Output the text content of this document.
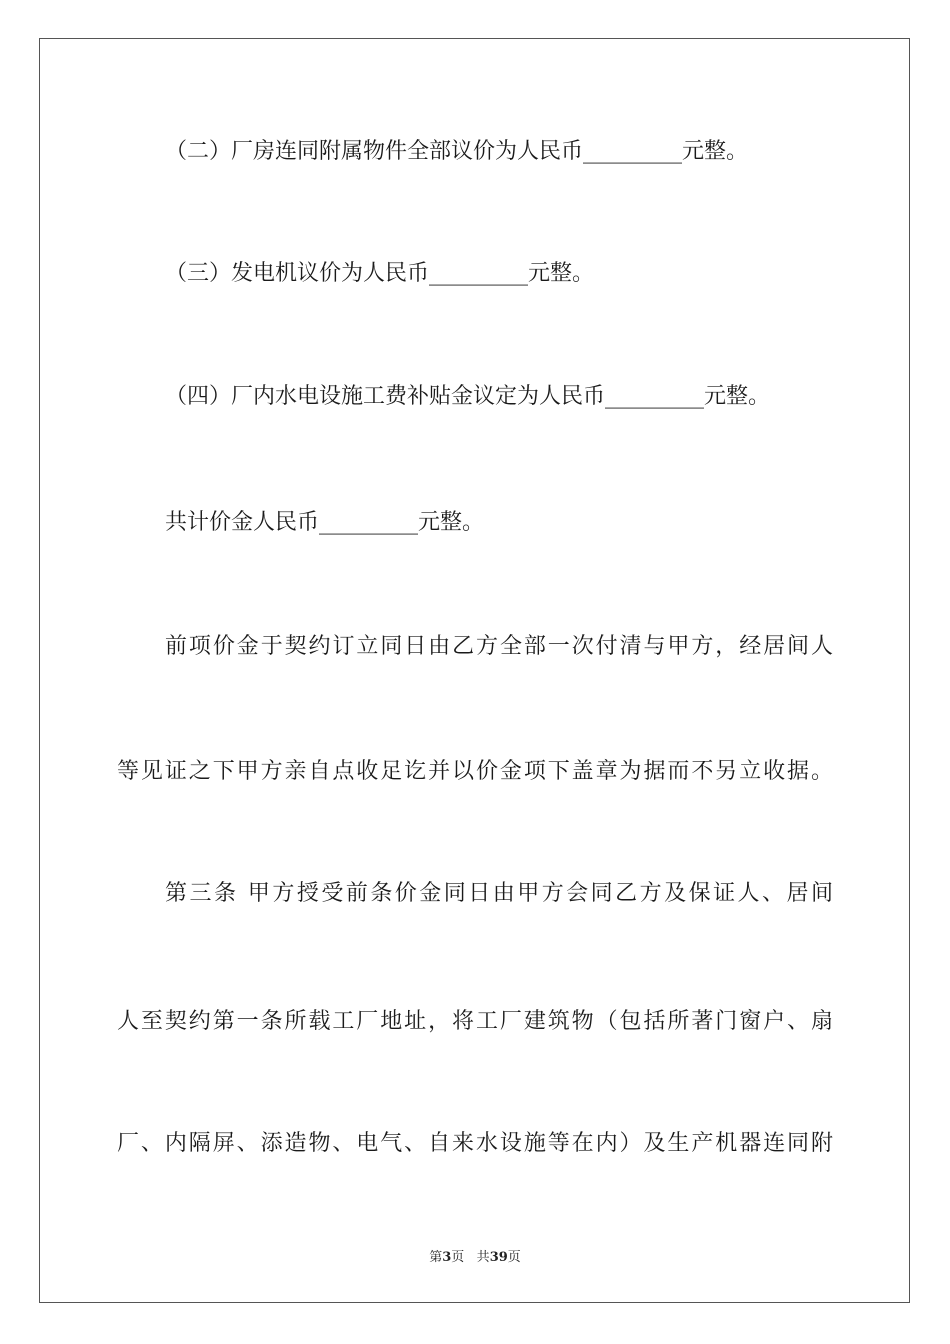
（二）厂房连同附属物件全部议价为人民币_________元整。
（三）发电机议价为人民币_________元整。
（四）厂内水电设施工费补贴金议定为人民币_________元整。
共计价金人民币_________元整。
前项价金于契约订立同日由乙方全部一次付清与甲方，经居间人
等见证之下甲方亲自点收足讫并以价金项下盖章为据而不另立收据。
第三条 甲方授受前条价金同日由甲方会同乙方及保证人、居间
人至契约第一条所载工厂地址，将工厂建筑物（包括所著门窗户、扇
厂、内隔屏、添造物、电气、自来水设施等在内）及生产机器连同附
第3页 共39页
